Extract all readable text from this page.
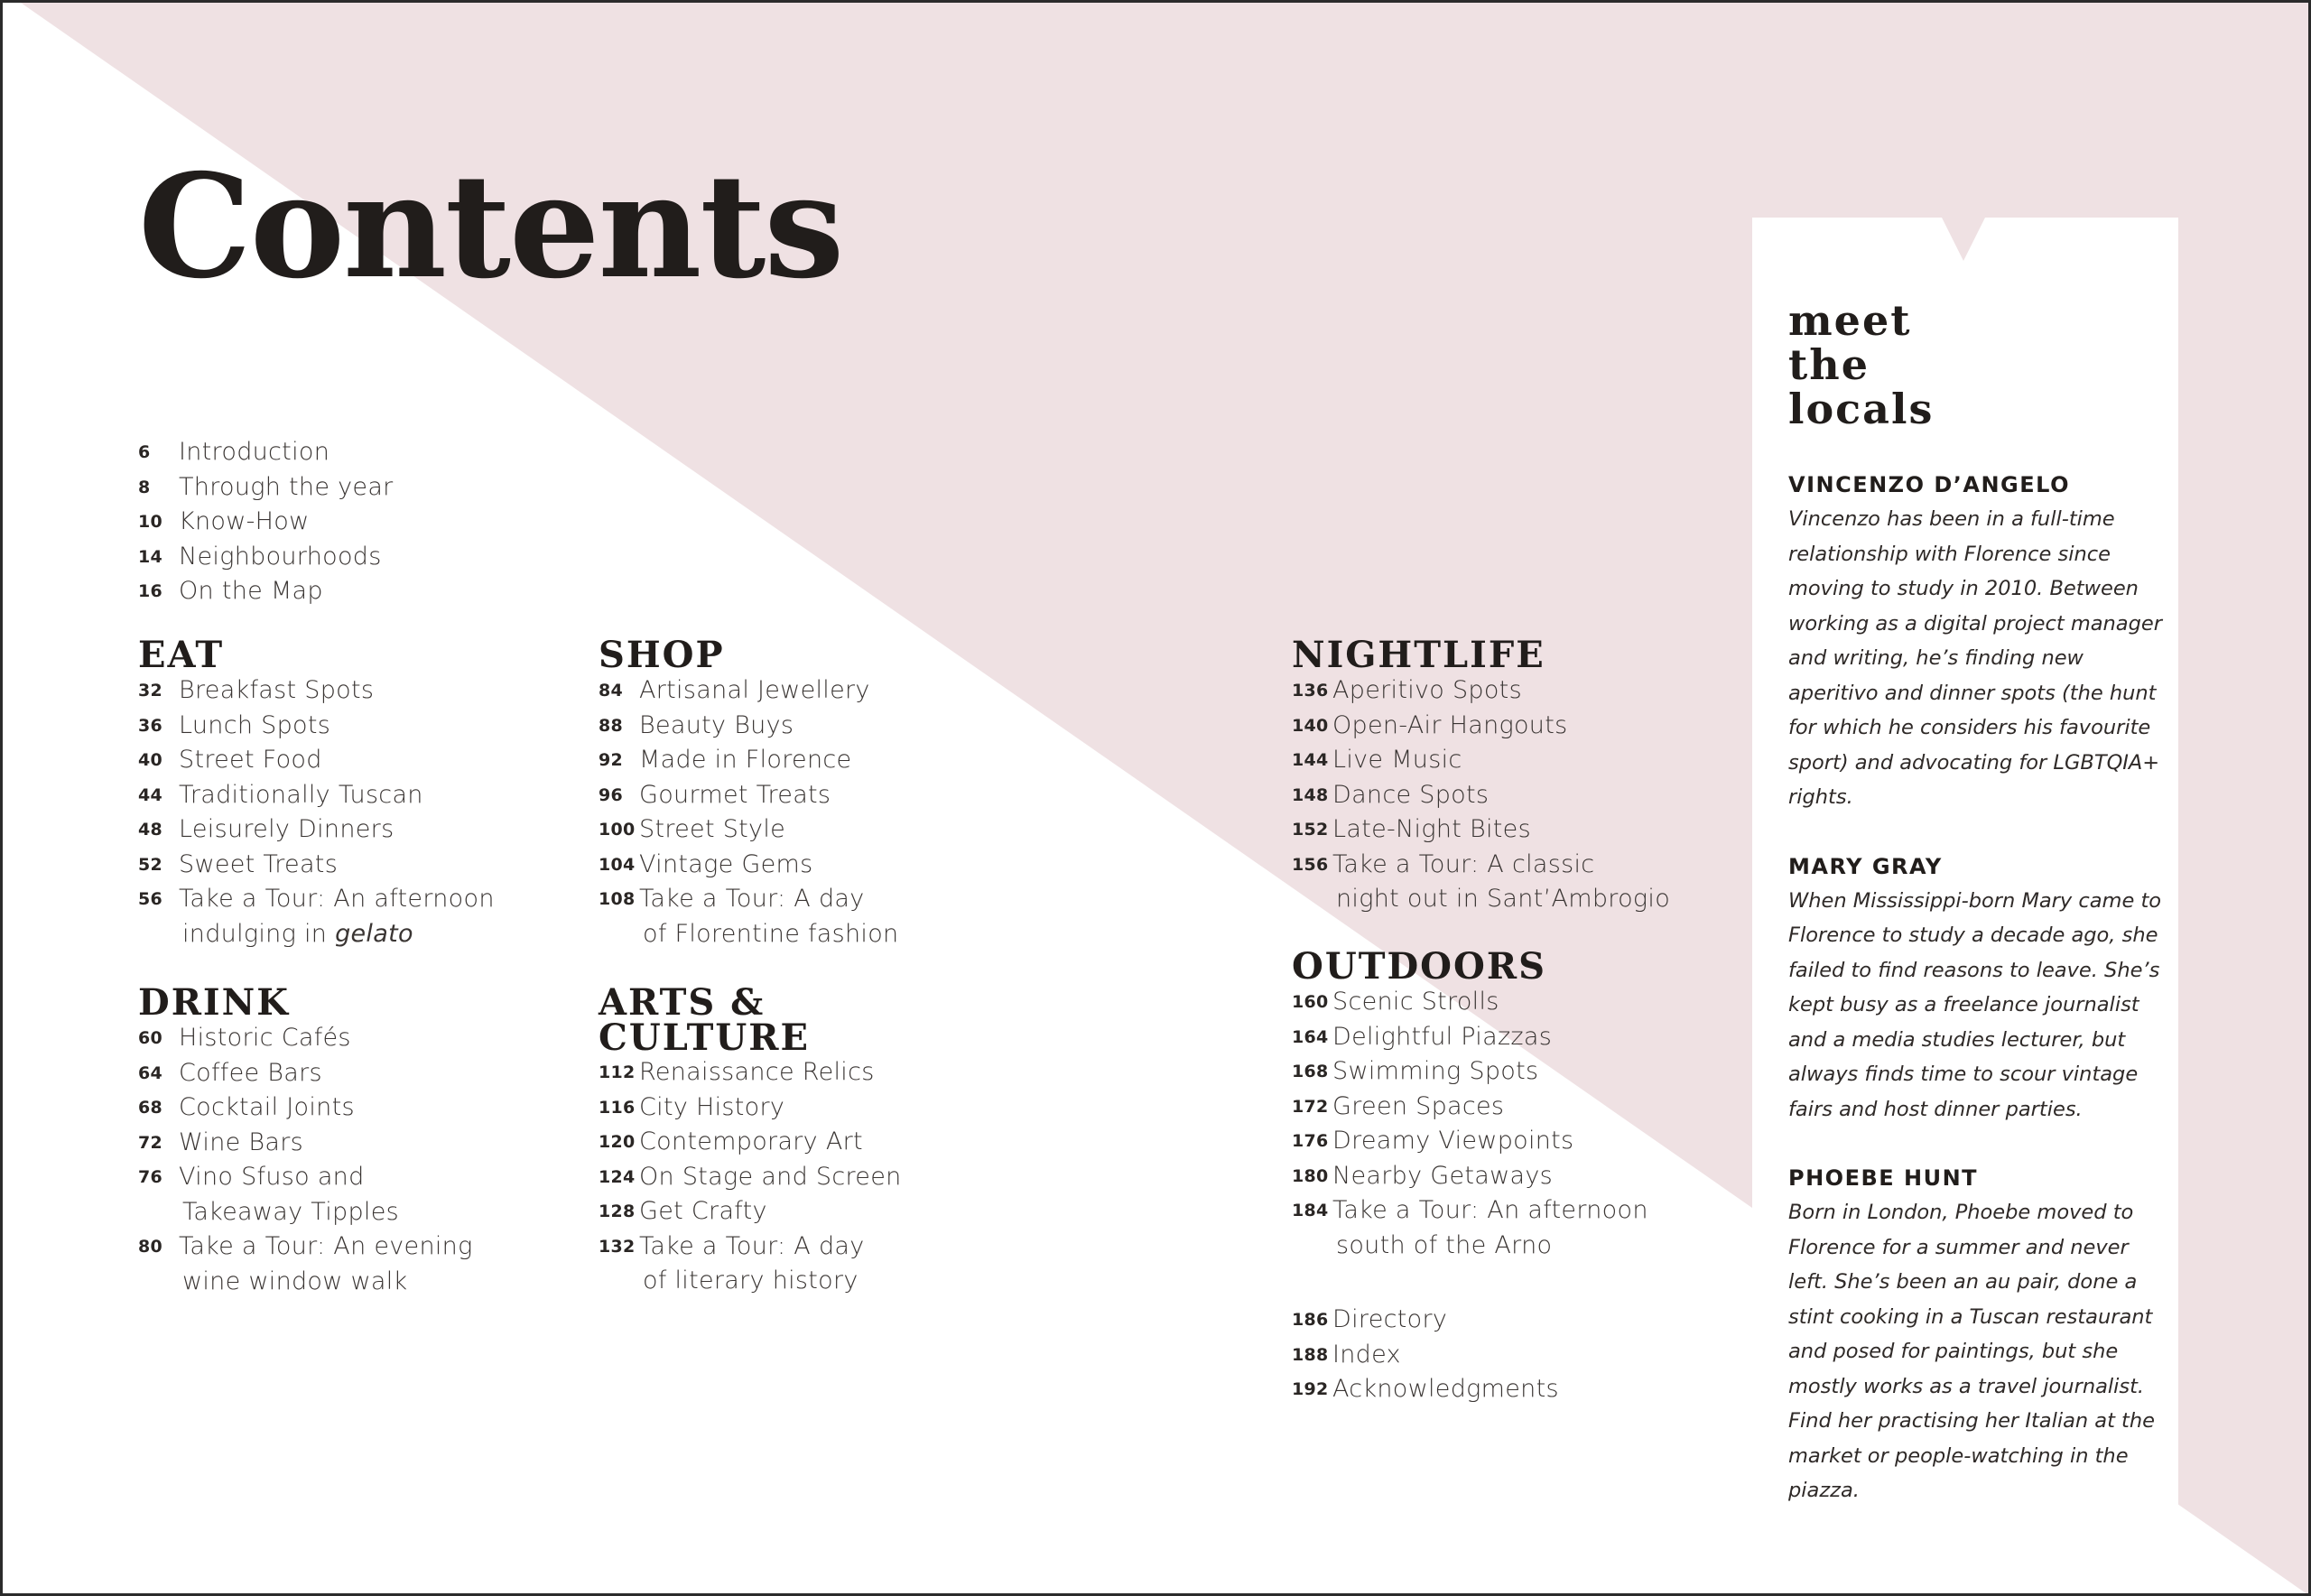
Contents
6 Introduction
8 Through the year
10 Know-How
14 Neighbourhoods
16 On the Map
EAT
32 Breakfast Spots
36 Lunch Spots
40 Street Food
44 Traditionally Tuscan
48 Leisurely Dinners
52 Sweet Treats
56 Take a Tour: An afternoon
indulging in gelato
DRINK
60 Historic Cafés
64 Coffee Bars
68 Cocktail Joints
72 Wine Bars
76 Vino Sfuso and
Takeaway Tipples
80 Take a Tour: An evening
wine window walk
SHOP
84 Artisanal Jewellery
88 Beauty Buys
92 Made in Florence
96 Gourmet Treats
100 Street Style
104 Vintage Gems
108 Take a Tour: A day
of Florentine fashion
ARTS &
CULTURE
112 Renaissance Relics
116 City History
120 Contemporary Art
124 On Stage and Screen
128 Get Crafty
132 Take a Tour: A day
of literary history
NIGHTLIFE
136 Aperitivo Spots
140 Open-Air Hangouts
144 Live Music
148 Dance Spots
152 Late-Night Bites
156 Take a Tour: A classic
night out in Sant’Ambrogio
OUTDOORS
160 Scenic Strolls
164 Delightful Piazzas
168 Swimming Spots
172 Green Spaces
176 Dreamy Viewpoints
180 Nearby Getaways
184 Take a Tour: An afternoon
south of the Arno
186 Directory
188 Index
192 Acknowledgments
meet
the
locals
VINCENZO D’ANGELO

Vincenzo has been in a full-time relationship with Florence since moving to study in 2010. Between working as a digital project manager and writing, he’s finding new aperitivo and dinner spots (the hunt for which he considers his favourite sport) and advocating for LGBTQIA+ rights.

MARY GRAY

When Mississippi-born Mary came to Florence to study a decade ago, she failed to find reasons to leave. She’s kept busy as a freelance journalist and a media studies lecturer, but always finds time to scour vintage fairs and host dinner parties.

PHOEBE HUNT

Born in London, Phoebe moved to Florence for a summer and never left. She’s been an au pair, done a stint cooking in a Tuscan restaurant and posed for paintings, but she mostly works as a travel journalist. Find her practising her Italian at the market or people-watching in the piazza.
